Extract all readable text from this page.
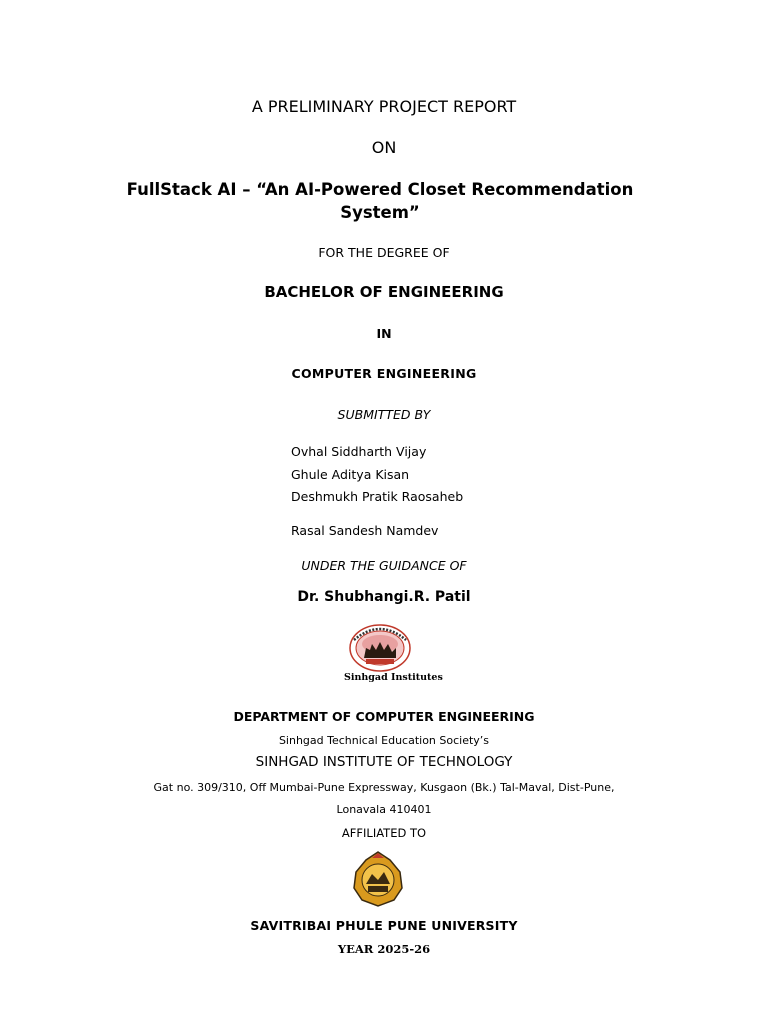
A PRELIMINARY PROJECT REPORT
ON
FullStack AI – “An AI-Powered Closet Recommendation System”
FOR THE DEGREE OF
BACHELOR OF ENGINEERING
IN
COMPUTER ENGINEERING
SUBMITTED BY
Ovhal Siddharth Vijay
Ghule Aditya Kisan
Deshmukh Pratik Raosaheb
Rasal Sandesh Namdev
UNDER THE GUIDANCE OF
Dr. Shubhangi.R. Patil
Sinhgad Institutes
DEPARTMENT OF COMPUTER ENGINEERING
Sinhgad Technical Education Society’s
SINHGAD INSTITUTE OF TECHNOLOGY
Gat no. 309/310, Off Mumbai-Pune Expressway, Kusgaon (Bk.) Tal-Maval, Dist-Pune,
Lonavala 410401
AFFILIATED TO
SAVITRIBAI PHULE PUNE UNIVERSITY
YEAR 2025-26
